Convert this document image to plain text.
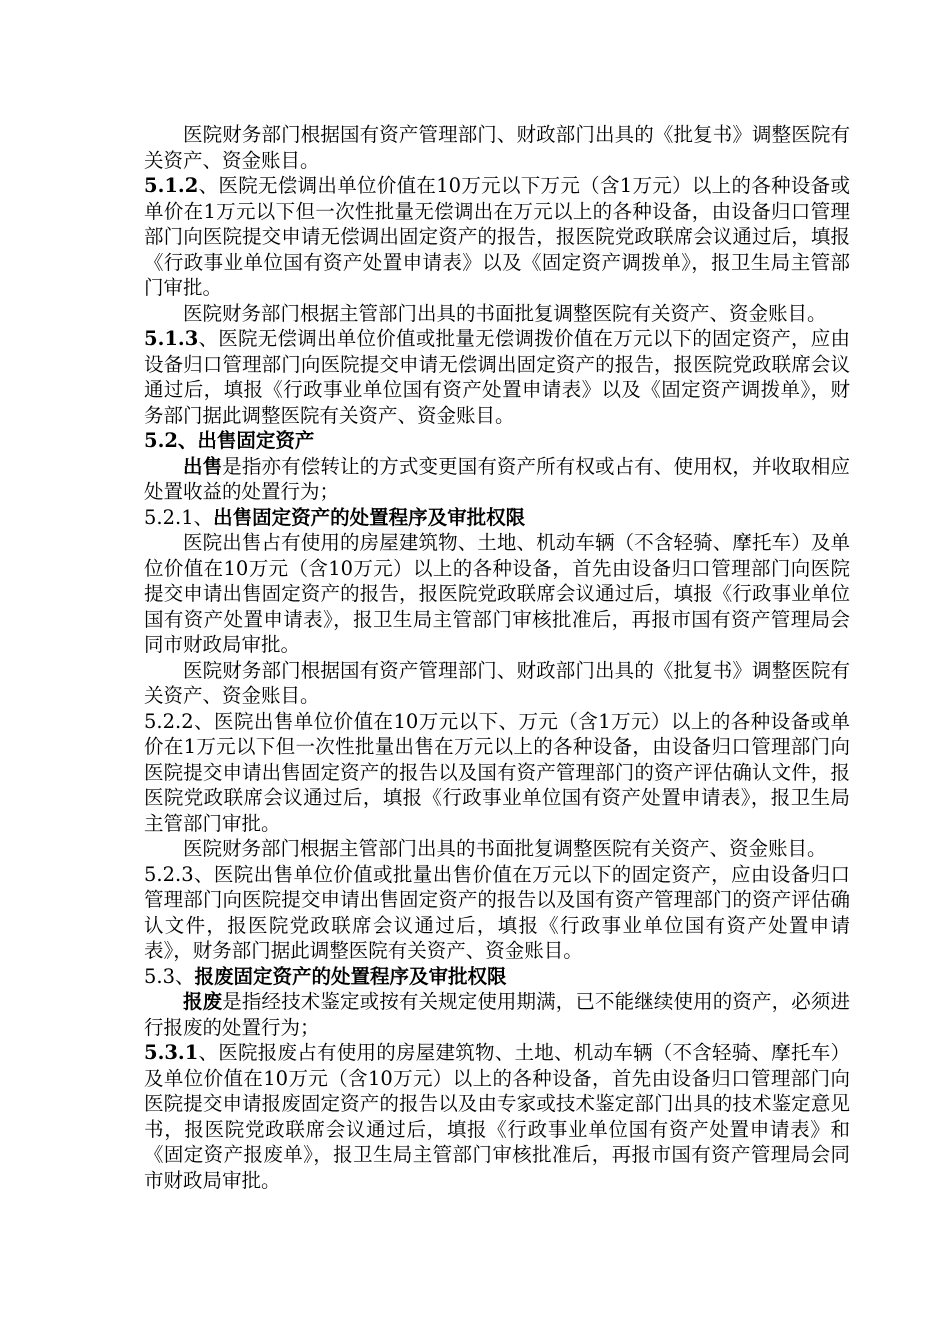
医院财务部门根据国有资产管理部门、财政部门出具的《批复书》调整医院有关资产、资金账目。

5.1.2、医院无偿调出单位价值在10万元以下万元（含1万元）以上的各种设备或单价在1万元以下但一次性批量无偿调出在万元以上的各种设备，由设备归口管理部门向医院提交申请无偿调出固定资产的报告，报医院党政联席会议通过后，填报《行政事业单位国有资产处置申请表》以及《固定资产调拨单》，报卫生局主管部门审批。

医院财务部门根据主管部门出具的书面批复调整医院有关资产、资金账目。

5.1.3、医院无偿调出单位价值或批量无偿调拨价值在万元以下的固定资产，应由设备归口管理部门向医院提交申请无偿调出固定资产的报告，报医院党政联席会议通过后，填报《行政事业单位国有资产处置申请表》以及《固定资产调拨单》，财务部门据此调整医院有关资产、资金账目。

5.2、出售固定资产

出售是指亦有偿转让的方式变更国有资产所有权或占有、使用权，并收取相应处置收益的处置行为；

5.2.1、出售固定资产的处置程序及审批权限

医院出售占有使用的房屋建筑物、土地、机动车辆（不含轻骑、摩托车）及单位价值在10万元（含10万元）以上的各种设备，首先由设备归口管理部门向医院提交申请出售固定资产的报告，报医院党政联席会议通过后，填报《行政事业单位国有资产处置申请表》，报卫生局主管部门审核批准后，再报市国有资产管理局会同市财政局审批。

医院财务部门根据国有资产管理部门、财政部门出具的《批复书》调整医院有关资产、资金账目。

5.2.2、医院出售单位价值在10万元以下、万元（含1万元）以上的各种设备或单价在1万元以下但一次性批量出售在万元以上的各种设备，由设备归口管理部门向医院提交申请出售固定资产的报告以及国有资产管理部门的资产评估确认文件，报医院党政联席会议通过后，填报《行政事业单位国有资产处置申请表》，报卫生局主管部门审批。

医院财务部门根据主管部门出具的书面批复调整医院有关资产、资金账目。

5.2.3、医院出售单位价值或批量出售价值在万元以下的固定资产，应由设备归口管理部门向医院提交申请出售固定资产的报告以及国有资产管理部门的资产评估确认文件，报医院党政联席会议通过后，填报《行政事业单位国有资产处置申请表》，财务部门据此调整医院有关资产、资金账目。

5.3、报废固定资产的处置程序及审批权限

报废是指经技术鉴定或按有关规定使用期满，已不能继续使用的资产，必须进行报废的处置行为；

5.3.1、医院报废占有使用的房屋建筑物、土地、机动车辆（不含轻骑、摩托车）及单位价值在10万元（含10万元）以上的各种设备，首先由设备归口管理部门向医院提交申请报废固定资产的报告以及由专家或技术鉴定部门出具的技术鉴定意见书，报医院党政联席会议通过后，填报《行政事业单位国有资产处置申请表》和《固定资产报废单》，报卫生局主管部门审核批准后，再报市国有资产管理局会同市财政局审批。
